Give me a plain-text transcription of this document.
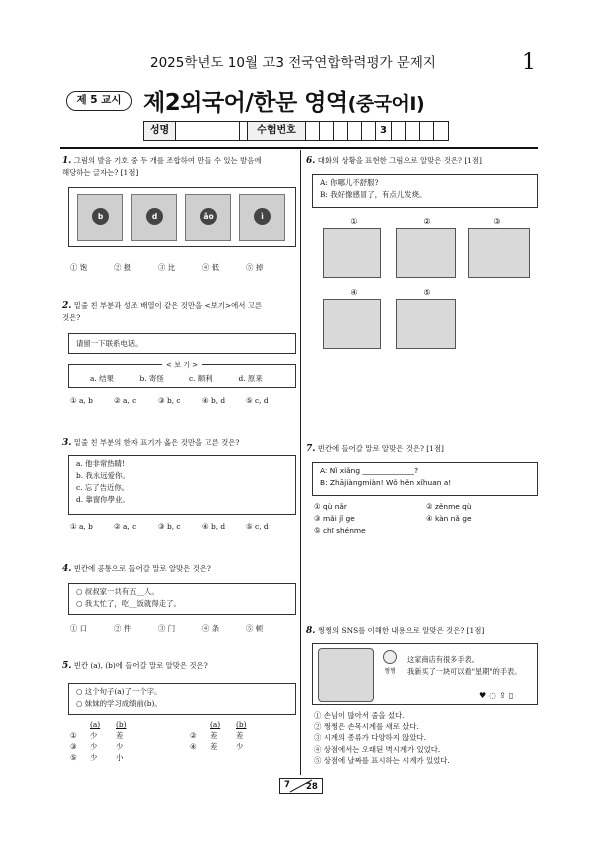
2025학년도 10월 고3 전국연합학력평가 문제지	1
제 5 교시 제2외국어/한문 영역(중국어Ⅰ)
성명	수험번호	3
1. 그림의 발음 기호 중 두 개를 조합하여 만들 수 있는 발음에
해당하는 글자는? [1점]
b	d	ǎo	ì
① 饱	② 报	③ 比	④ 低	⑤ 掉
2. 밑줄 친 부분과 성조 배열이 같은 것만을 <보기>에서 고른
것은?
请留一下联系电话。
< 보 기 >
a. 结果	b. 寄怪	c. 顺利	d. 原来
① a, b	② a, c	③ b, c	④ b, d	⑤ c, d
3. 밑줄 친 부분의 한자 표기가 옳은 것만을 고른 것은?
a. 他非常热睛!
b. 我永远爱你。
c. 忘了告近你。
d. 靠窗你學业。
① a, b	② a, c	③ b, c	④ b, d	⑤ c, d
4. 빈칸에 공통으로 들어갈 말로 알맞은 것은?
○ 叔叔家一共有五__人。
○ 我太忙了，吃__饭就得走了。
① 口	② 件	③ 门	④ 条	⑤ 顿
5. 빈칸 (a), (b)에 들어갈 말로 알맞은 것은?
○ 这个句子(a)了一个字。
○ 妹妹的学习成绩前(b)。
(a)	(b)	(a)	(b)
①	少	差	②	差	差
③	少	少	④	差	少
⑤	少	小
6. 대화의 상황을 표현한 그림으로 알맞은 것은? [1점]
A: 你哪儿不舒服?
B: 我好像感冒了，有点儿发烧。
①	②	③
④	⑤
7. 빈칸에 들어갈 말로 알맞은 것은? [1점]
A: Nǐ xiǎng ______________?
B: Zhājiàngmiàn! Wǒ hěn xǐhuan a!
① qù nǎr	② zěnme qù
③ mǎi jǐ ge	④ kàn nǎ ge
⑤ chī shénme
8. 쩡쩡의 SNS를 이해한 내용으로 알맞은 것은? [1점]
쩡쩡
这家商店有很多手表。
我新买了一块可以看"星期"的手表。
♥◌⇪▯
① 손님이 많아서 줄을 섰다.
② 쩡쩡은 손목시계를 새로 샀다.
③ 시계의 종류가 다양하지 않았다.
④ 상점에서는 오래된 벽시계가 있었다.
⑤ 상점에 날짜를 표시하는 시계가 있었다.
7 28
